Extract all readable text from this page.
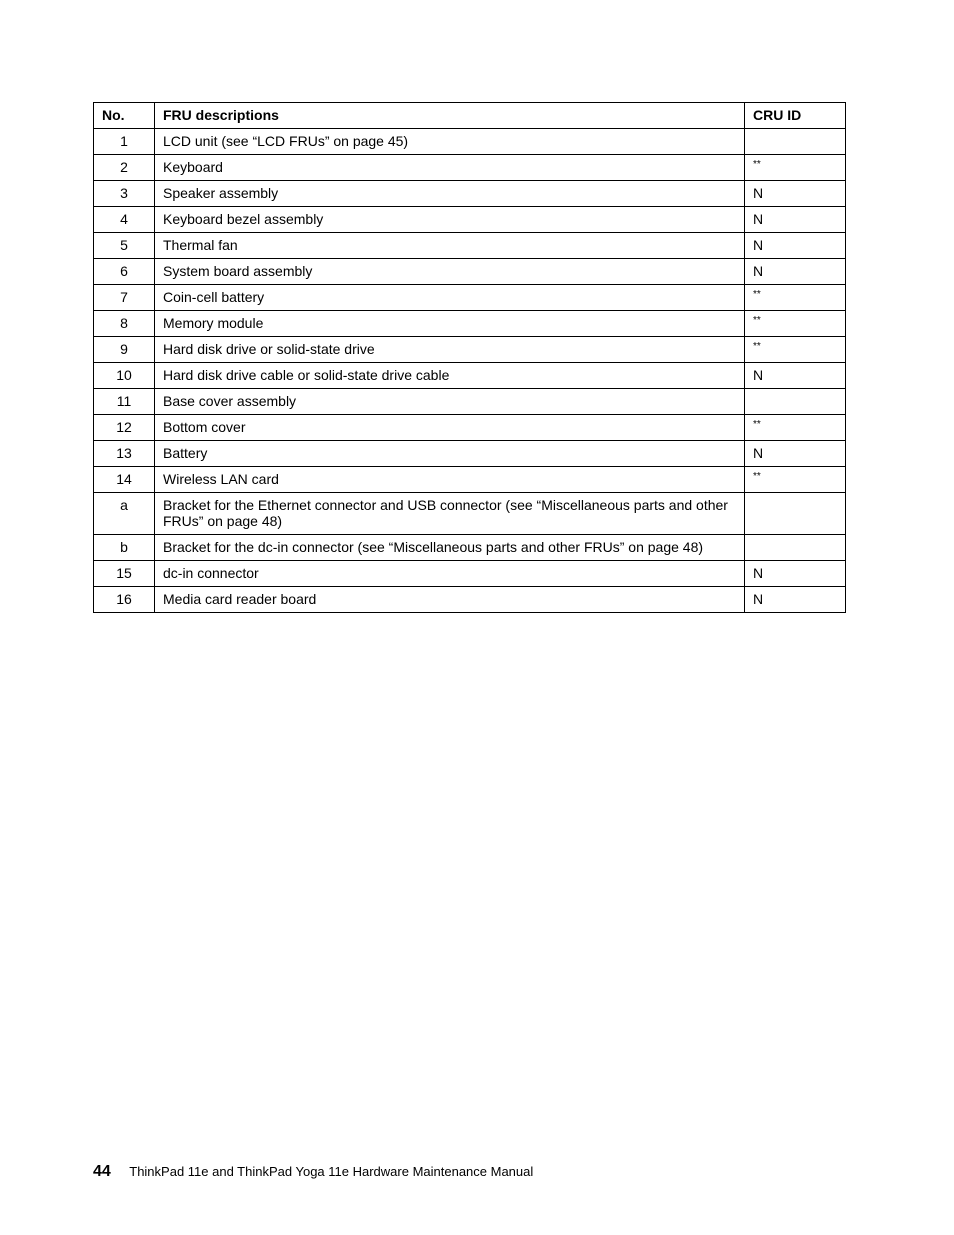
No.	FRU descriptions	CRU ID
1	LCD unit (see “LCD FRUs” on page 45)	
2	Keyboard	**
3	Speaker assembly	N
4	Keyboard bezel assembly	N
5	Thermal fan	N
6	System board assembly	N
7	Coin-cell battery	**
8	Memory module	**
9	Hard disk drive or solid-state drive	**
10	Hard disk drive cable or solid-state drive cable	N
11	Base cover assembly	
12	Bottom cover	**
13	Battery	N
14	Wireless LAN card	**
a	Bracket for the Ethernet connector and USB connector (see “Miscellaneous parts and other FRUs” on page 48)	
b	Bracket for the dc-in connector (see “Miscellaneous parts and other FRUs” on page 48)	
15	dc-in connector	N
16	Media card reader board	N
44 ThinkPad 11e and ThinkPad Yoga 11e Hardware Maintenance Manual
